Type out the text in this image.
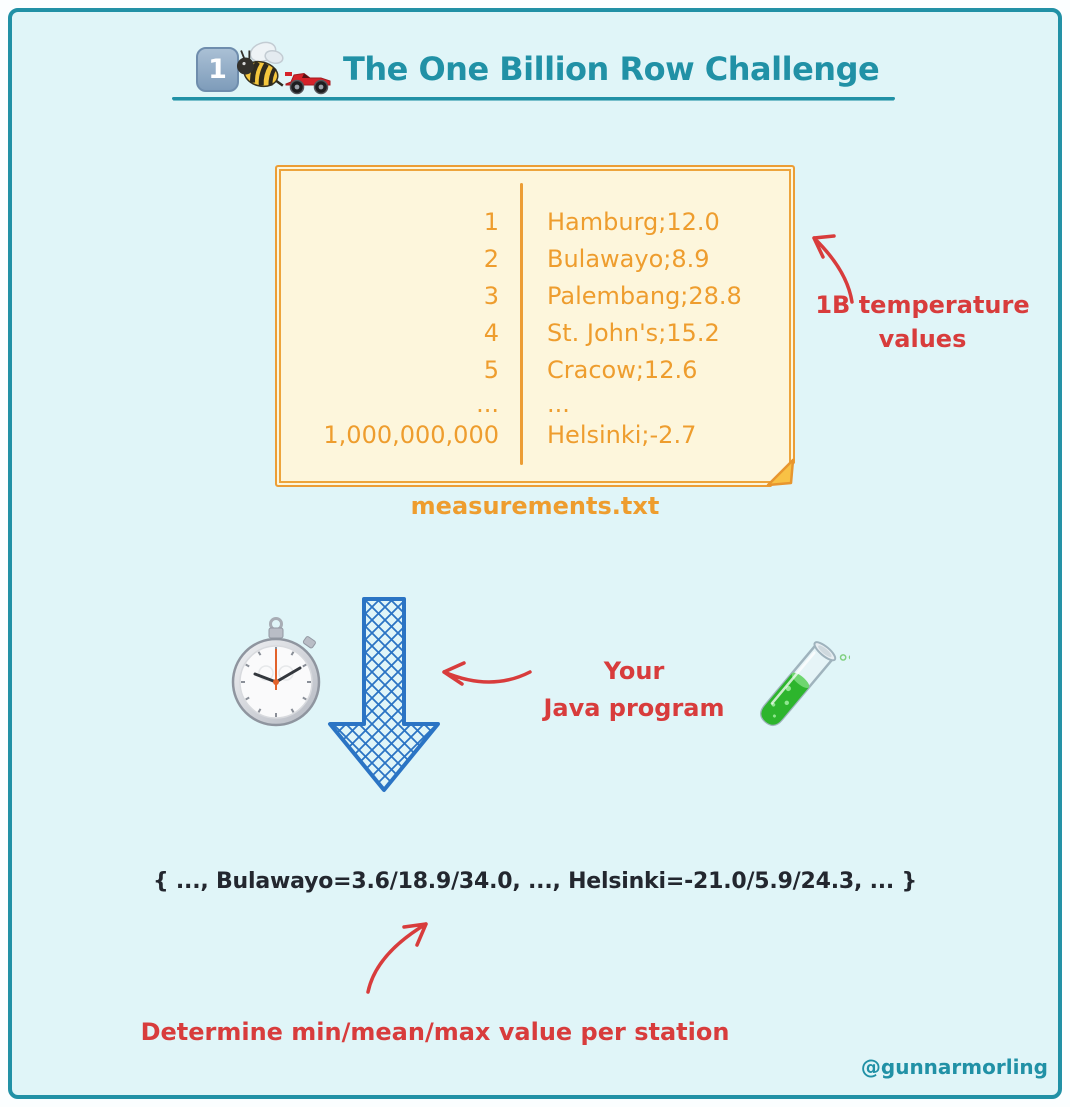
1	The One Billion Row Challenge
1 Hamburg;12.0
2 Bulawayo;8.9
3 Palembang;28.8
4 St. John's;15.2
5 Cracow;12.6
... ...
1,000,000,000 Helsinki;-2.7
measurements.txt
1B temperature
values
Your
Java program
{ ..., Bulawayo=3.6/18.9/34.0, ..., Helsinki=-21.0/5.9/24.3, ... }
Determine min/mean/max value per station
@gunnarmorling
